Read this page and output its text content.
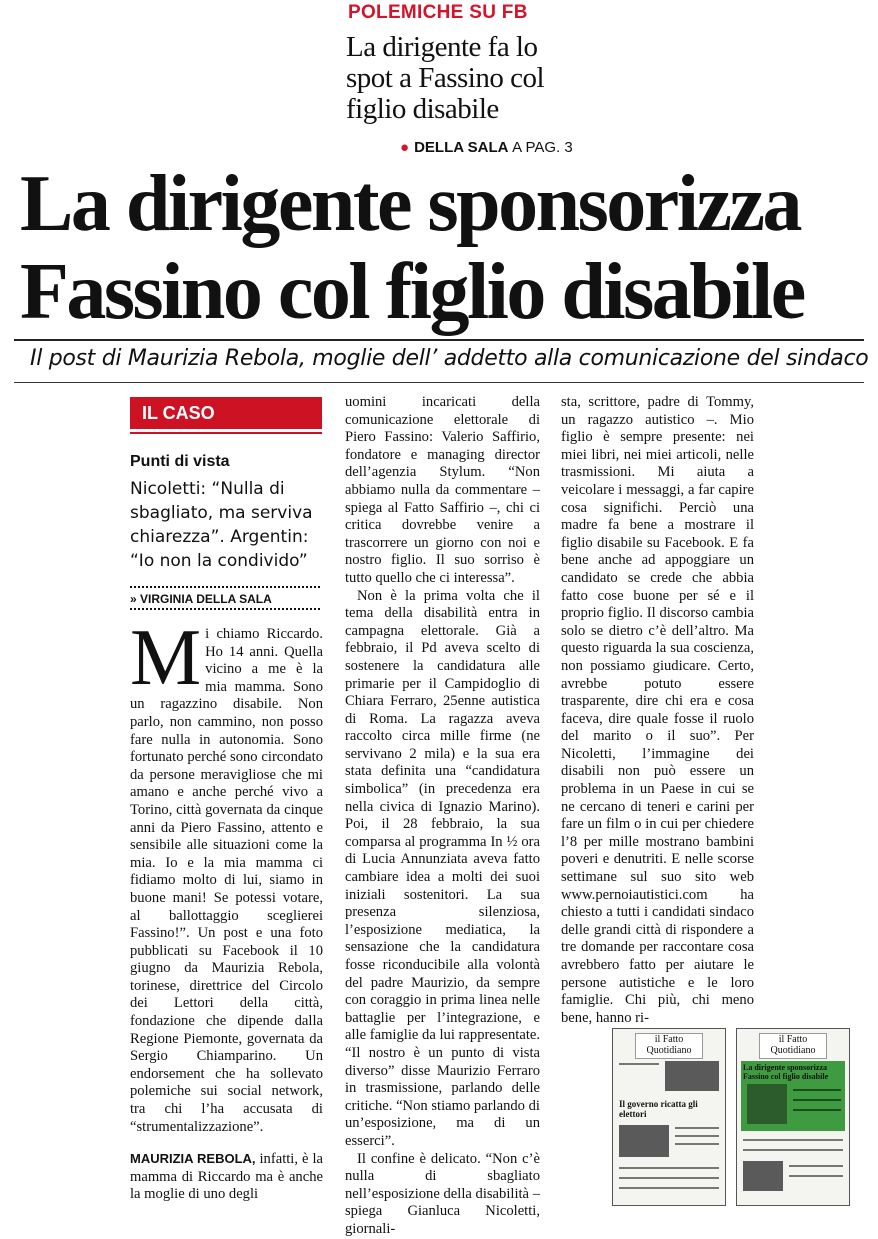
POLEMICHE SU FB
La dirigente fa lo spot a Fassino col figlio disabile
● DELLA SALA A PAG. 3
La dirigente sponsorizza Fassino col figlio disabile
Il post di Maurizia Rebola, moglie dell’ addetto alla comunicazione del sindaco
IL CASO
Punti di vista
Nicoletti: “Nulla di sbagliato, ma serviva chiarezza”. Argentin: “Io non la condivido”
» VIRGINIA DELLA SALA

Mi chiamo Riccardo. Ho 14 anni. Quella vicino a me è la mia mamma. Sono un ragazzino disabile. Non parlo, non cammino, non posso fare nulla in autonomia. Sono fortunato perché sono circondato da persone meravigliose che mi amano e anche perché vivo a Torino, città governata da cinque anni da Piero Fassino, attento e sensibile alle situazioni come la mia. Io e la mia mamma ci fidiamo molto di lui, siamo in buone mani! Se potessi votare, al ballottaggio sceglierei Fassino!”. Un post e una foto pubblicati su Facebook il 10 giugno da Maurizia Rebola, torinese, direttrice del Circolo dei Lettori della città, fondazione che dipende dalla Regione Piemonte, governata da Sergio Chiamparino. Un endorsement che ha sollevato polemiche sui social network, tra chi l’ha accusata di “strumentalizzazione”.

MAURIZIA REBOLA, infatti, è la mamma di Riccardo ma è anche la moglie di uno degli

uomini incaricati della comunicazione elettorale di Piero Fassino: Valerio Saffirio, fondatore e managing director dell’agenzia Stylum. “Non abbiamo nulla da commentare – spiega al Fatto Saffirio –, chi ci critica dovrebbe venire a trascorrere un giorno con noi e nostro figlio. Il suo sorriso è tutto quello che ci interessa”.

Non è la prima volta che il tema della disabilità entra in campagna elettorale. Già a febbraio, il Pd aveva scelto di sostenere la candidatura alle primarie per il Campidoglio di Chiara Ferraro, 25enne autistica di Roma. La ragazza aveva raccolto circa mille firme (ne servivano 2 mila) e la sua era stata definita una “candidatura simbolica” (in precedenza era nella civica di Ignazio Marino). Poi, il 28 febbraio, la sua comparsa al programma In ½ ora di Lucia Annunziata aveva fatto cambiare idea a molti dei suoi iniziali sostenitori. La sua presenza silenziosa, l’esposizione mediatica, la sensazione che la candidatura fosse riconducibile alla volontà del padre Maurizio, da sempre con coraggio in prima linea nelle battaglie per l’integrazione, e alle famiglie da lui rappresentate. “Il nostro è un punto di vista diverso” disse Maurizio Ferraro in trasmissione, parlando delle critiche. “Non stiamo parlando di un’esposizione, ma di un esserci”.

Il confine è delicato. “Non c’è nulla di sbagliato nell’esposizione della disabilità – spiega Gianluca Nicoletti, giornali-

sta, scrittore, padre di Tommy, un ragazzo autistico –. Mio figlio è sempre presente: nei miei libri, nei miei articoli, nelle trasmissioni. Mi aiuta a veicolare i messaggi, a far capire cosa significhi. Perciò una madre fa bene a mostrare il figlio disabile su Facebook. E fa bene anche ad appoggiare un candidato se crede che abbia fatto cose buone per sé e il proprio figlio. Il discorso cambia solo se dietro c’è dell’altro. Ma questo riguarda la sua coscienza, non possiamo giudicare. Certo, avrebbe potuto essere trasparente, dire chi era e cosa faceva, dire quale fosse il ruolo del marito o il suo”. Per Nicoletti, l’immagine dei disabili non può essere un problema in un Paese in cui se ne cercano di teneri e carini per fare un film o in cui per chiedere l’8 per mille mostrano bambini poveri e denutriti. E nelle scorse settimane sul suo sito web www.pernoiautistici.com ha chiesto a tutti i candidati sindaco delle grandi città di rispondere a tre domande per raccontare cosa avrebbero fatto per aiutare le persone autistiche e le loro famiglie. Chi più, chi meno bene, hanno ri-

il Fatto Quotidiano
Il governo ricatta gli elettori
il Fatto Quotidiano
La dirigente sponsorizza Fassino col figlio disabile
